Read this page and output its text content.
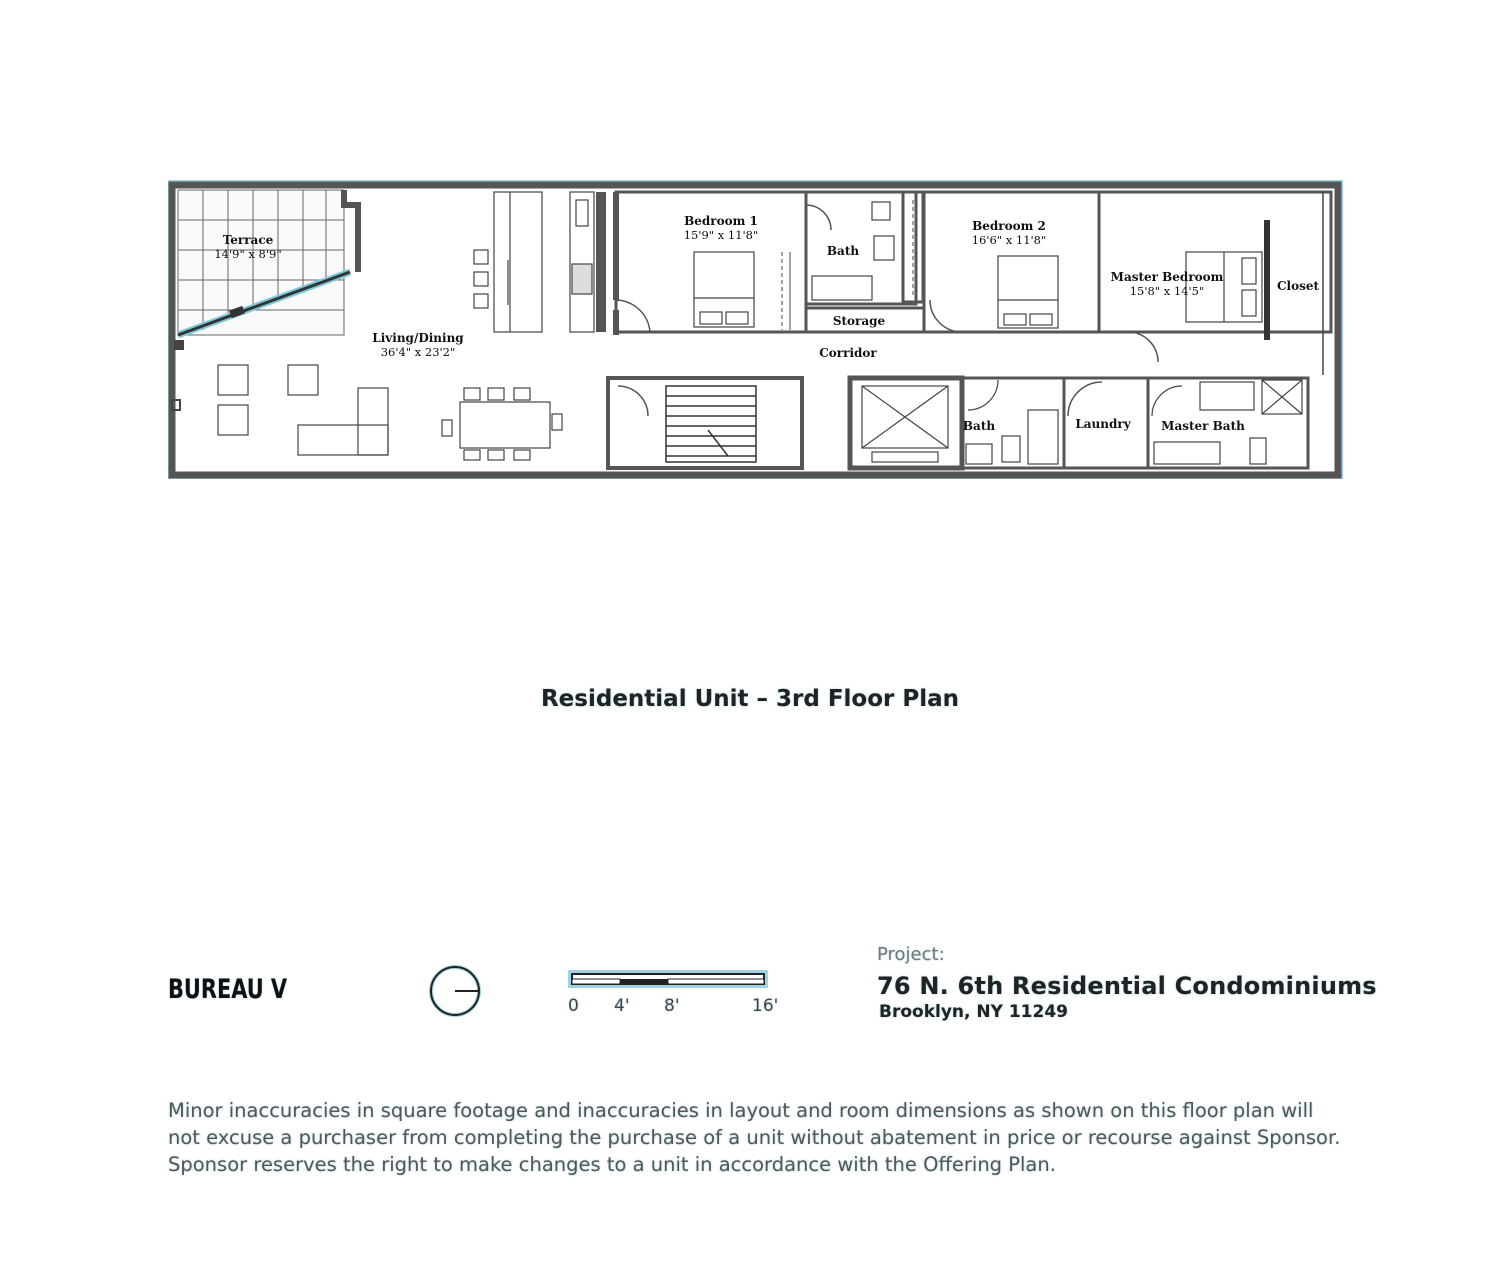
Terrace
14'9" x 8'9"
Living/Dining
36'4" x 23'2"
Bedroom 1
15'9" x 11'8"
Bath
Bedroom 2
16'6" x 11'8"
Master Bedroom
15'8" x 14'5"	Closet
Storage
Corridor
Bath	Laundry	Master Bath
Residential Unit – 3rd Floor Plan
BUREAU V
0 4' 8'	16'
Project:
76 N. 6th Residential Condominiums
Brooklyn, NY 11249
Minor inaccuracies in square footage and inaccuracies in layout and room dimensions as shown on this floor plan will not excuse a purchaser from completing the purchase of a unit without abatement in price or recourse against Sponsor. Sponsor reserves the right to make changes to a unit in accordance with the Offering Plan.
